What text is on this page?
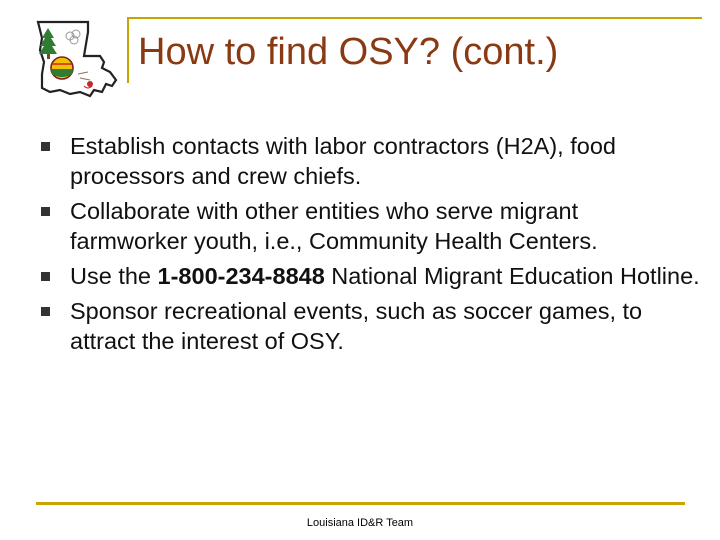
How to find OSY? (cont.)
Establish contacts with labor contractors (H2A), food processors and crew chiefs.
Collaborate with other entities who serve migrant farmworker youth, i.e., Community Health Centers.
Use the 1-800-234-8848 National Migrant Education Hotline.
Sponsor recreational events, such as soccer games, to attract the interest of OSY.
Louisiana ID&R Team
